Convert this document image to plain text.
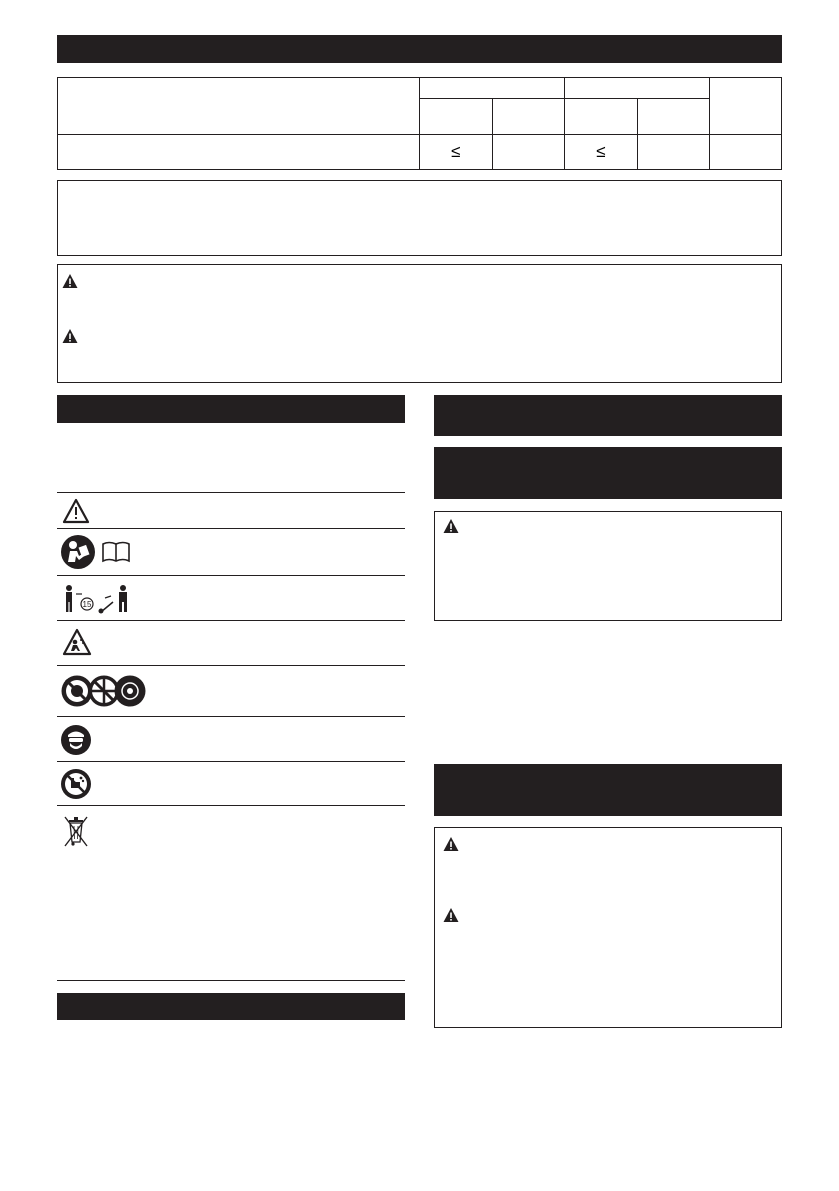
	≤		≤		
15
